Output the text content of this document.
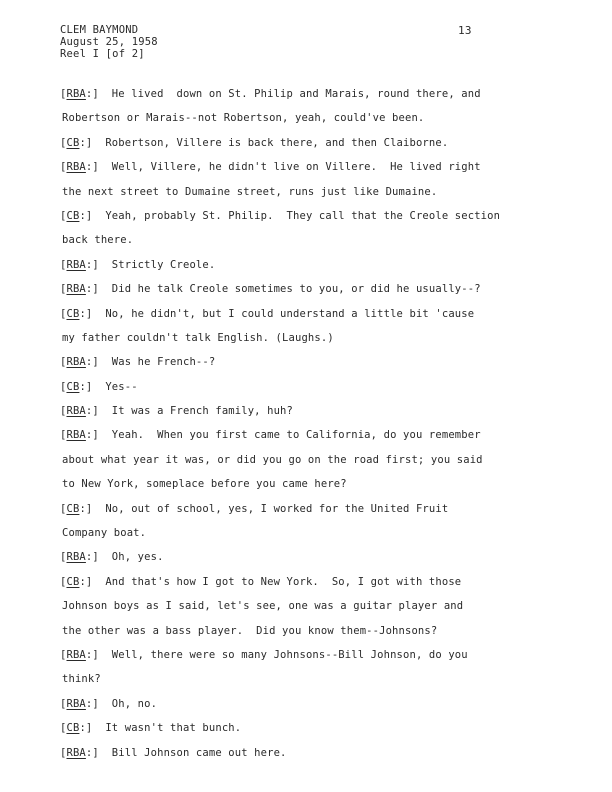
CLEM BAYMOND
August 25, 1958
Reel I [of 2]
13
[RBA:]  He lived  down on St. Philip and Marais, round there, and
Robertson or Marais--not Robertson, yeah, could've been.
[CB:]  Robertson, Villere is back there, and then Claiborne.
[RBA:]  Well, Villere, he didn't live on Villere.  He lived right
the next street to Dumaine street, runs just like Dumaine.
[CB:]  Yeah, probably St. Philip.  They call that the Creole section
back there.
[RBA:]  Strictly Creole.
[RBA:]  Did he talk Creole sometimes to you, or did he usually--?
[CB:]  No, he didn't, but I could understand a little bit 'cause
my father couldn't talk English. (Laughs.)
[RBA:]  Was he French--?
[CB:]  Yes--
[RBA:]  It was a French family, huh?
[RBA:]  Yeah.  When you first came to California, do you remember
about what year it was, or did you go on the road first; you said
to New York, someplace before you came here?
[CB:]  No, out of school, yes, I worked for the United Fruit
Company boat.
[RBA:]  Oh, yes.
[CB:]  And that's how I got to New York.  So, I got with those
Johnson boys as I said, let's see, one was a guitar player and
the other was a bass player.  Did you know them--Johnsons?
[RBA:]  Well, there were so many Johnsons--Bill Johnson, do you
think?
[RBA:]  Oh, no.
[CB:]  It wasn't that bunch.
[RBA:]  Bill Johnson came out here.
